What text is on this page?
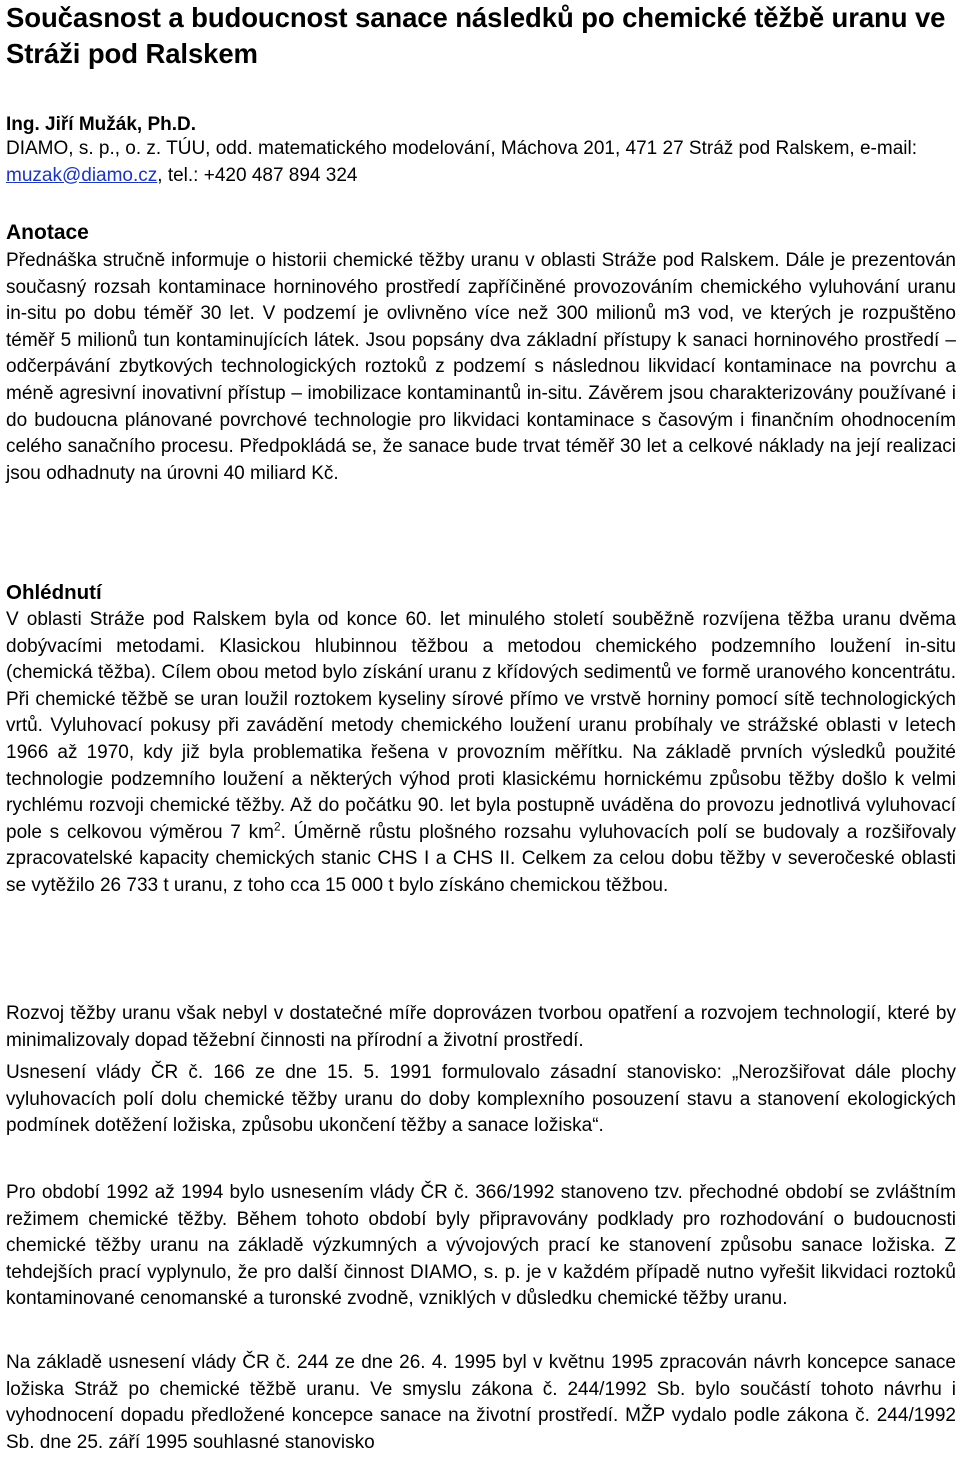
Současnost a budoucnost sanace následků po chemické těžbě uranu ve Stráži pod Ralskem

Ing. Jiří Mužák, Ph.D.

DIAMO, s. p., o. z. TÚU, odd. matematického modelování, Máchova 201, 471 27 Stráž pod Ralskem, e-mail: muzak@diamo.cz, tel.: +420 487 894 324

Anotace

Přednáška stručně informuje o historii chemické těžby uranu v oblasti Stráže pod Ralskem. Dále je prezentován současný rozsah kontaminace horninového prostředí zapříčiněné provozováním chemického vyluhování uranu in-situ po dobu téměř 30 let. V podzemí je ovlivněno více než 300 milionů m3 vod, ve kterých je rozpuštěno téměř 5 milionů tun kontaminujících látek. Jsou popsány dva základní přístupy k sanaci horninového prostředí – odčerpávání zbytkových technologických roztoků z podzemí s následnou likvidací kontaminace na povrchu a méně agresivní inovativní přístup – imobilizace kontaminantů in-situ. Závěrem jsou charakterizovány používané i do budoucna plánované povrchové technologie pro likvidaci kontaminace s časovým i finančním ohodnocením celého sanačního procesu. Předpokládá se, že sanace bude trvat téměř 30 let a celkové náklady na její realizaci jsou odhadnuty na úrovni 40 miliard Kč.

Ohlédnutí

V oblasti Stráže pod Ralskem byla od konce 60. let minulého století souběžně rozvíjena těžba uranu dvěma dobývacími metodami. Klasickou hlubinnou těžbou a metodou chemického podzemního loužení in-situ (chemická těžba). Cílem obou metod bylo získání uranu z křídových sedimentů ve formě uranového koncentrátu. Při chemické těžbě se uran loužil roztokem kyseliny sírové přímo ve vrstvě horniny pomocí sítě technologických vrtů. Vyluhovací pokusy při zavádění metody chemického loužení uranu probíhaly ve strážské oblasti v letech 1966 až 1970, kdy již byla problematika řešena v provozním měřítku. Na základě prvních výsledků použité technologie podzemního loužení a některých výhod proti klasickému hornickému způsobu těžby došlo k velmi rychlému rozvoji chemické těžby. Až do počátku 90. let byla postupně uváděna do provozu jednotlivá vyluhovací pole s celkovou výměrou 7 $km^2$. Úměrně růstu plošného rozsahu vyluhovacích polí se budovaly a rozšiřovaly zpracovatelské kapacity chemických stanic CHS I a CHS II. Celkem za celou dobu těžby v severočeské oblasti se vytěžilo 26 733 t uranu, z toho cca 15 000 t bylo získáno chemickou těžbou.

Rozvoj těžby uranu však nebyl v dostatečné míře doprovázen tvorbou opatření a rozvojem technologií, které by minimalizovaly dopad těžební činnosti na přírodní a životní prostředí.

Usnesení vlády ČR č. 166 ze dne 15. 5. 1991 formulovalo zásadní stanovisko: „Nerozšiřovat dále plochy vyluhovacích polí dolu chemické těžby uranu do doby komplexního posouzení stavu a stanovení ekologických podmínek dotěžení ložiska, způsobu ukončení těžby a sanace ložiska“.

Pro období 1992 až 1994 bylo usnesením vlády ČR č. 366/1992 stanoveno tzv. přechodné období se zvláštním režimem chemické těžby. Během tohoto období byly připravovány podklady pro rozhodování o budoucnosti chemické těžby uranu na základě výzkumných a vývojových prací ke stanovení způsobu sanace ložiska. Z tehdejších prací vyplynulo, že pro další činnost DIAMO, s. p. je v každém případě nutno vyřešit likvidaci roztoků kontaminované cenomanské a turonské zvodně, vzniklých v důsledku chemické těžby uranu.

Na základě usnesení vlády ČR č. 244 ze dne 26. 4. 1995 byl v květnu 1995 zpracován návrh koncepce sanace ložiska Stráž po chemické těžbě uranu. Ve smyslu zákona č. 244/1992 Sb. bylo součástí tohoto návrhu i vyhodnocení dopadu předložené koncepce sanace na životní prostředí. MŽP vydalo podle zákona č. 244/1992 Sb. dne 25. září 1995 souhlasné stanovisko
